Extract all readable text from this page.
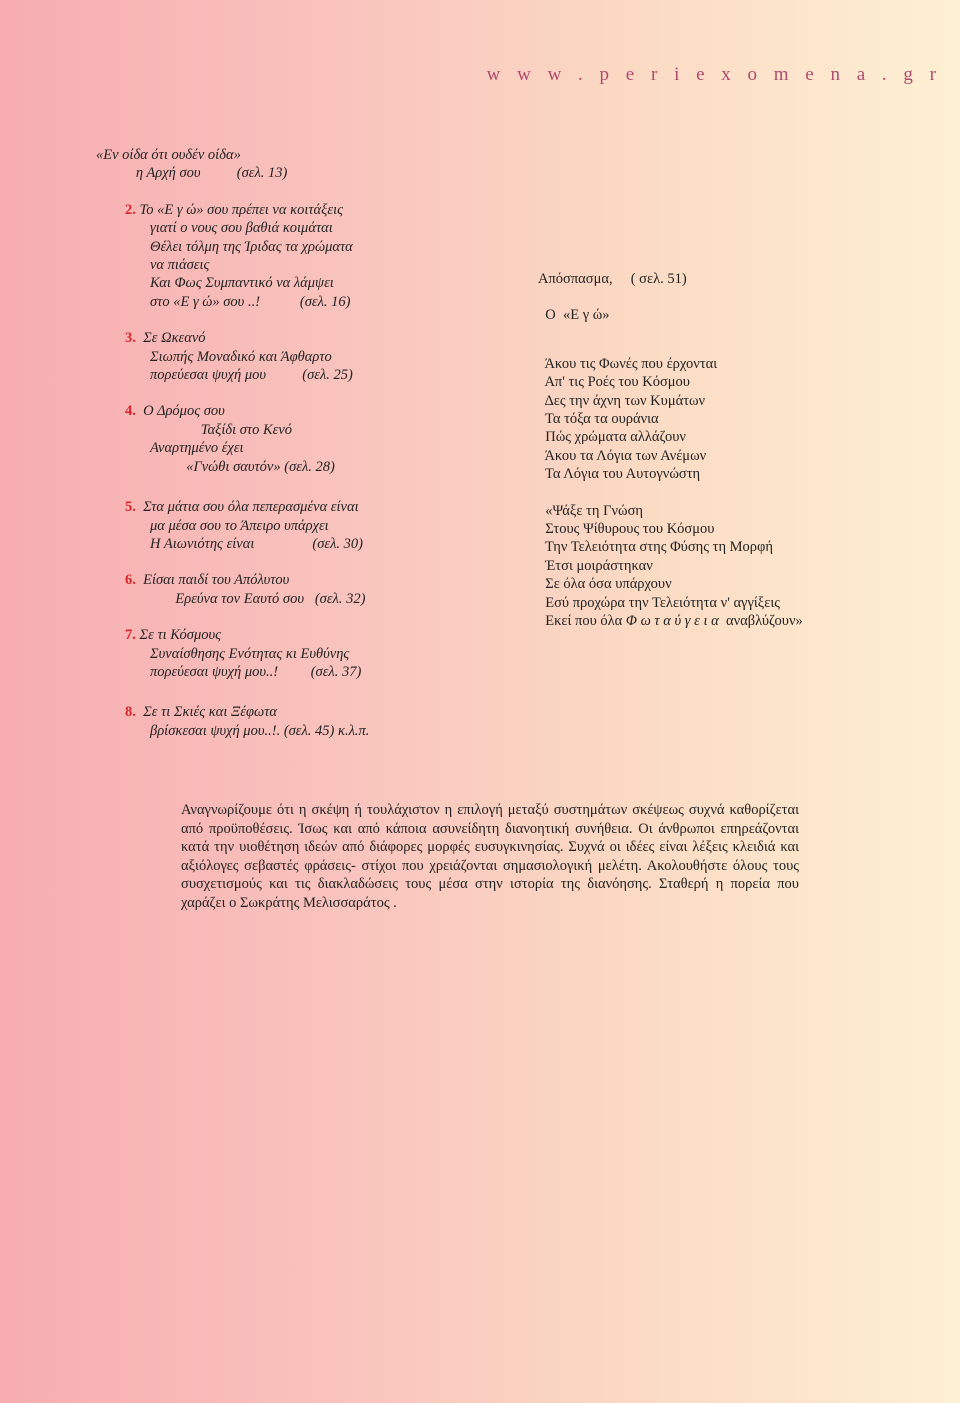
w w w . p e r i e x o m e n a . g r

«Εν οίδα ότι ουδέν οίδα»

η Αρχή σου          (σελ. 13)

2. Το «Ε γ ώ» σου πρέπει να κοιτάξεις

γιατί ο νους σου βαθιά κοιμάται

Θέλει τόλμη της Ίριδας τα χρώματα

να πιάσεις

Και Φως Συμπαντικό να λάμψει

στο «Ε γ ώ» σου ..!           (σελ. 16)

3.  Σε Ωκεανό

Σιωπής Μοναδικό και Άφθαρτο

πορεύεσαι ψυχή μου          (σελ. 25)

4.  Ο Δρόμος σου

Ταξίδι στο Κενό

Αναρτημένο έχει

«Γνώθι σαυτόν» (σελ. 28)

5.  Στα μάτια σου όλα πεπερασμένα είναι

μα μέσα σου το Άπειρο υπάρχει

Η Αιωνιότης είναι                (σελ. 30)

6.  Είσαι παιδί του Απόλυτου

Ερεύνα τον Εαυτό σου   (σελ. 32)

7. Σε τι Κόσμους

Συναίσθησης Ενότητας κι Ευθύνης

πορεύεσαι ψυχή μου..!         (σελ. 37)

8.  Σε τι Σκιές και Ξέφωτα

βρίσκεσαι ψυχή μου..!. (σελ. 45) κ.λ.π.

Απόσπασμα,     ( σελ. 51)

Ο  «Ε γ ώ»

Άκου τις Φωνές που έρχονται

Απ' τις Ροές του Κόσμου

Δες την άχνη των Κυμάτων

Τα τόξα τα ουράνια

Πώς χρώματα αλλάζουν

Άκου τα Λόγια των Ανέμων

Τα Λόγια του Αυτογνώστη

«Ψάξε τη Γνώση

Στους Ψίθυρους του Κόσμου

Την Τελειότητα στης Φύσης τη Μορφή

Έτσι μοιράστηκαν

Σε όλα όσα υπάρχουν

Εσύ προχώρα την Τελειότητα ν' αγγίξεις

Εκεί που όλα Φ ω τ α ύ γ ε ι α  αναβλύζουν»

Αναγνωρίζουμε ότι η σκέψη ή τουλάχιστον η επιλογή μεταξύ συστημάτων σκέψεως συχνά καθορίζεται από προϋποθέσεις. Ίσως και από κάποια ασυνείδητη διανοητική συνήθεια. Οι άνθρωποι επηρεάζονται κατά την υιοθέτηση ιδεών από διάφορες μορφές ευσυγκινησίας. Συχνά οι ιδέες είναι λέξεις κλειδιά και αξιόλογες σεβαστές φράσεις- στίχοι που χρειάζονται σημασιολογική μελέτη. Ακολουθήστε όλους τους συσχετισμούς και τις διακλαδώσεις τους μέσα στην ιστορία της διανόησης. Σταθερή η πορεία που χαράζει ο Σωκράτης Μελισσαράτος .
